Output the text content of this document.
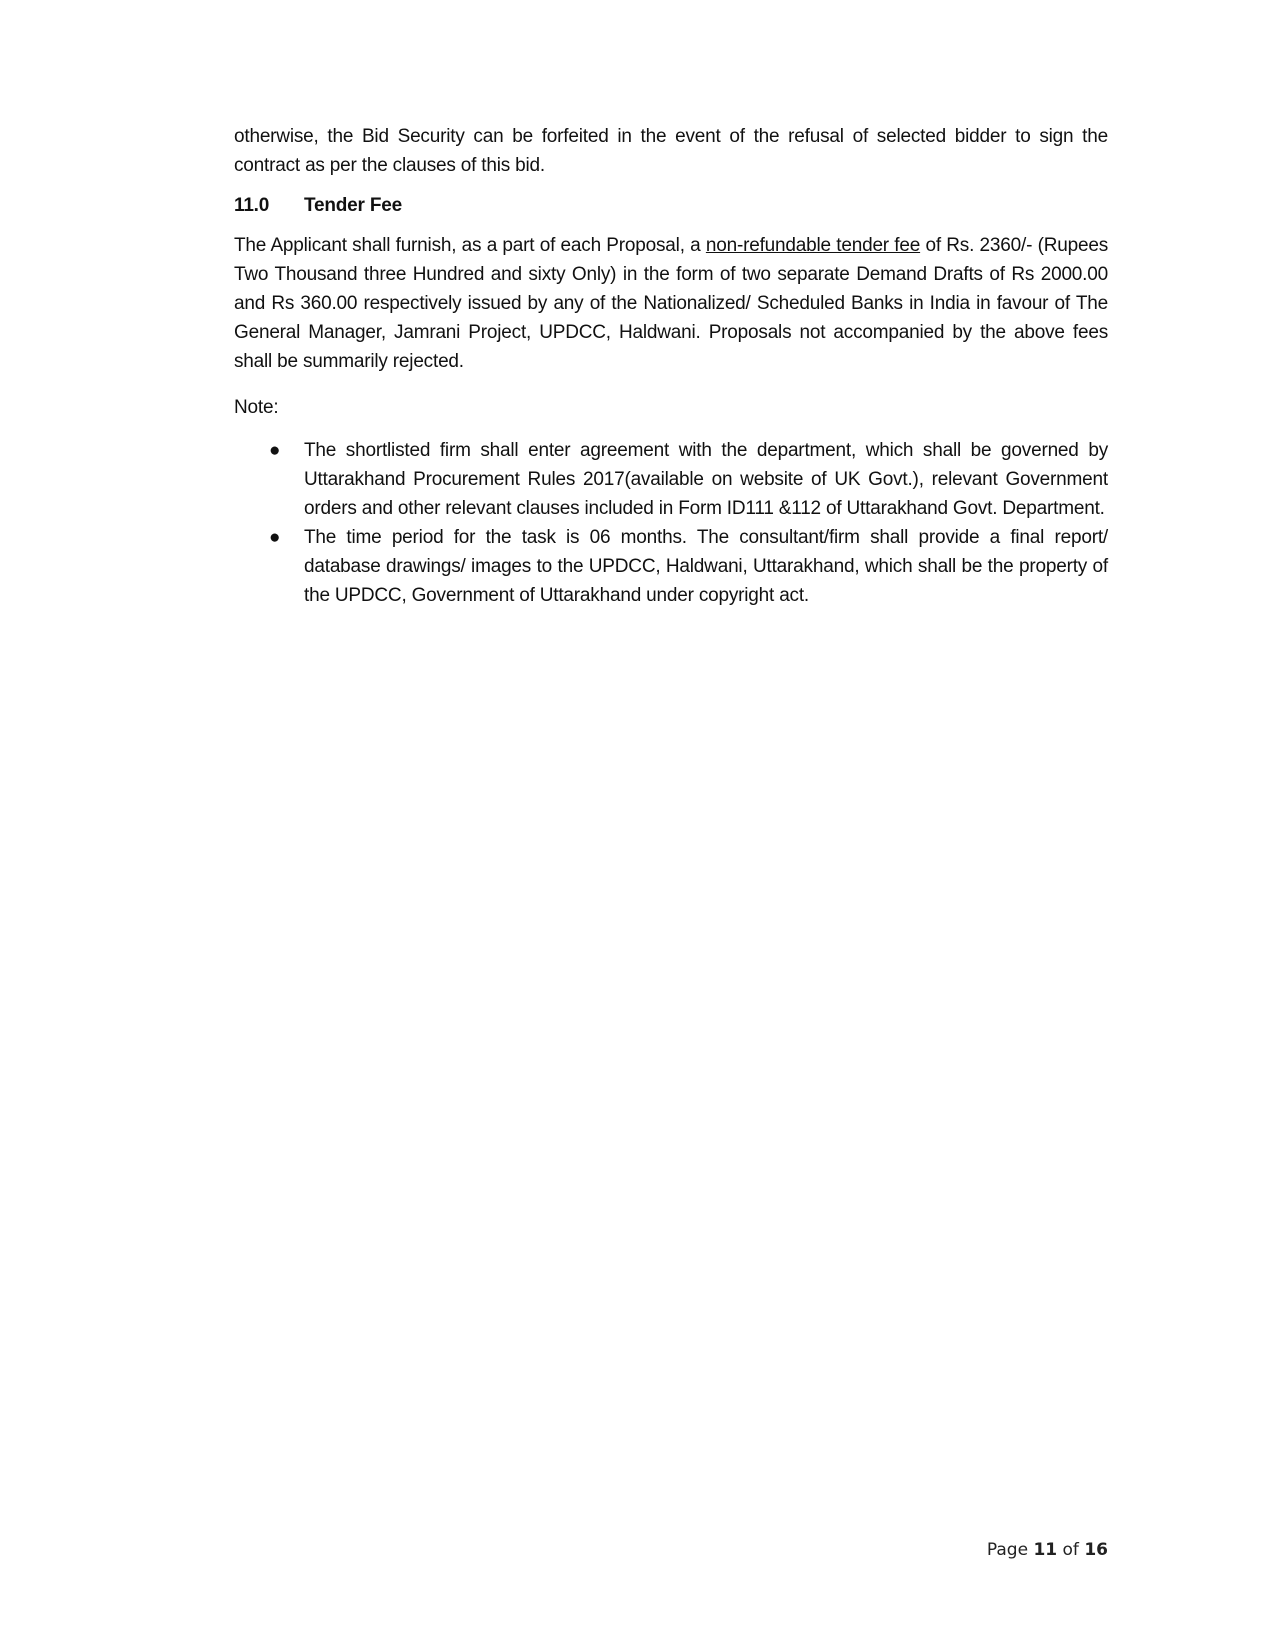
otherwise, the Bid Security can be forfeited in the event of the refusal of selected bidder to sign the contract as per the clauses of this bid.

11.0	Tender Fee

The Applicant shall furnish, as a part of each Proposal, a non-refundable tender fee of Rs. 2360/- (Rupees Two Thousand three Hundred and sixty Only) in the form of two separate Demand Drafts of Rs 2000.00 and Rs 360.00 respectively issued by any of the Nationalized/ Scheduled Banks in India in favour of The General Manager, Jamrani Project, UPDCC, Haldwani. Proposals not accompanied by the above fees shall be summarily rejected.

Note:

● The shortlisted firm shall enter agreement with the department, which shall be governed by Uttarakhand Procurement Rules 2017(available on website of UK Govt.), relevant Government orders and other relevant clauses included in Form ID111 &112 of Uttarakhand Govt. Department.
● The time period for the task is 06 months. The consultant/firm shall provide a final report/ database drawings/ images to the UPDCC, Haldwani, Uttarakhand, which shall be the property of the UPDCC, Government of Uttarakhand under copyright act.
Page 11 of 16
